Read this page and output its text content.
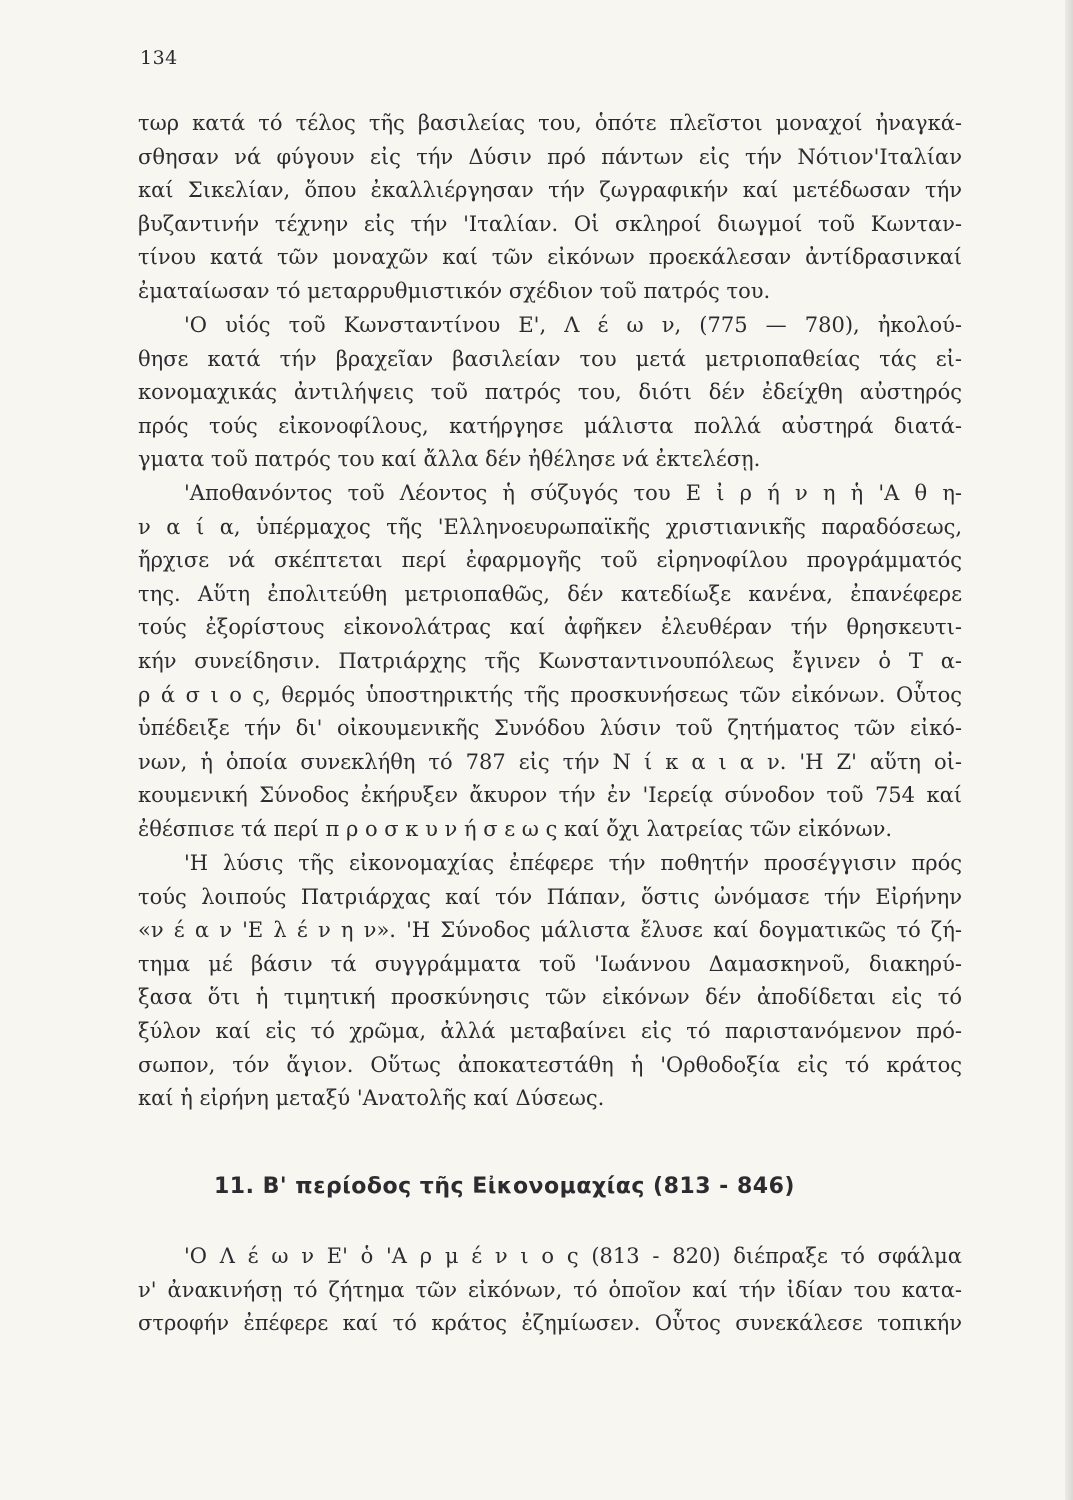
134
τωρ κατά τό τέλος τῆς βασιλείας του, ὁπότε πλεῖστοι μοναχοί ἠναγκά-
σθησαν νά φύγουν εἰς τήν Δύσιν πρό πάντων εἰς τήν Νότιον'Ιταλίαν
καί Σικελίαν, ὅπου ἐκαλλιέργησαν τήν ζωγραφικήν καί μετέδωσαν τήν
βυζαντινήν τέχνην εἰς τήν 'Ιταλίαν. Οἱ σκληροί διωγμοί τοῦ Κωνταν-
τίνου κατά τῶν μοναχῶν καί τῶν εἰκόνων προεκάλεσαν ἀντίδρασινκαί
ἐματαίωσαν τό μεταρρυθμιστικόν σχέδιον τοῦ πατρός του.
'Ο υἱός τοῦ Κωνσταντίνου Ε', Λ έ ω ν, (775 — 780), ἠκολού-
θησε κατά τήν βραχεῖαν βασιλείαν του μετά μετριοπαθείας τάς εἰ-
κονομαχικάς ἀντιλήψεις τοῦ πατρός του, διότι δέν ἐδείχθη αὐστηρός
πρός τούς εἰκονοφίλους, κατήργησε μάλιστα πολλά αὐστηρά διατά-
γματα τοῦ πατρός του καί ἄλλα δέν ἠθέλησε νά ἐκτελέσῃ.
'Αποθανόντος τοῦ Λέοντος ἡ σύζυγός του Ε ἰ ρ ή ν η ἡ 'Α θ η-
ν α ί α, ὑπέρμαχος τῆς 'Ελληνοευρωπαϊκῆς χριστιανικῆς παραδόσεως,
ἤρχισε νά σκέπτεται περί ἐφαρμογῆς τοῦ εἰρηνοφίλου προγράμματός
της. Αὕτη ἐπολιτεύθη μετριοπαθῶς, δέν κατεδίωξε κανένα, ἐπανέφερε
τούς ἐξορίστους εἰκονολάτρας καί ἀφῆκεν ἐλευθέραν τήν θρησκευτι-
κήν συνείδησιν. Πατριάρχης τῆς Κωνσταντινουπόλεως ἔγινεν ὁ Τ α-
ρ ά σ ι ο ς, θερμός ὑποστηρικτής τῆς προσκυνήσεως τῶν εἰκόνων. Οὗτος
ὑπέδειξε τήν δι' οἰκουμενικῆς Συνόδου λύσιν τοῦ ζητήματος τῶν εἰκό-
νων, ἡ ὁποία συνεκλήθη τό 787 εἰς τήν Ν ί κ α ι α ν. 'Η Ζ' αὕτη οἰ-
κουμενική Σύνοδος ἐκήρυξεν ἄκυρον τήν ἐν 'Ιερείᾳ σύνοδον τοῦ 754 καί
ἐθέσπισε τά περί π ρ ο σ κ υ ν ή σ ε ω ς καί ὄχι λατρείας τῶν εἰκόνων.
'Η λύσις τῆς εἰκονομαχίας ἐπέφερε τήν ποθητήν προσέγγισιν πρός
τούς λοιπούς Πατριάρχας καί τόν Πάπαν, ὅστις ὠνόμασε τήν Εἰρήνην
«ν έ α ν 'Ε λ έ ν η ν». 'Η Σύνοδος μάλιστα ἔλυσε καί δογματικῶς τό ζή-
τημα μέ βάσιν τά συγγράμματα τοῦ 'Ιωάννου Δαμασκηνοῦ, διακηρύ-
ξασα ὅτι ἡ τιμητική προσκύνησις τῶν εἰκόνων δέν ἀποδίδεται εἰς τό
ξύλον καί εἰς τό χρῶμα, ἀλλά μεταβαίνει εἰς τό παριστανόμενον πρό-
σωπον, τόν ἅγιον. Οὕτως ἀποκατεστάθη ἡ 'Ορθοδοξία εἰς τό κράτος
καί ἡ εἰρήνη μεταξύ 'Ανατολῆς καί Δύσεως.
11. Β' περίοδος τῆς Εἰκονομαχίας (813 - 846)
'Ο Λ έ ω ν Ε' ὁ 'Α ρ μ έ ν ι ο ς (813 - 820) διέπραξε τό σφάλμα
ν' ἀνακινήσῃ τό ζήτημα τῶν εἰκόνων, τό ὁποῖον καί τήν ἰδίαν του κατα-
στροφήν ἐπέφερε καί τό κράτος ἐζημίωσεν. Οὗτος συνεκάλεσε τοπικήν
